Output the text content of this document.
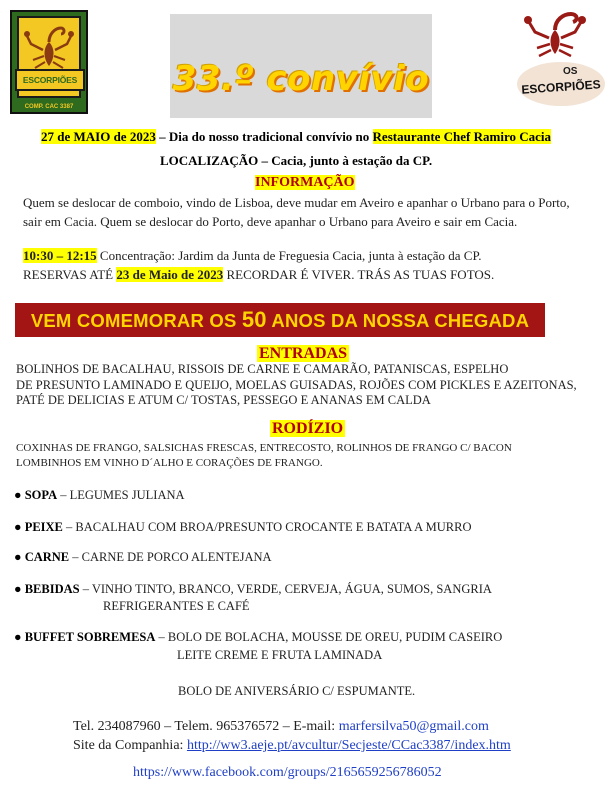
ESCORPIÕES
COMP. CAC 3387
33.º convívio	OS
ESCORPIÕES
27 de MAIO de 2023 – Dia do nosso tradicional convívio no Restaurante Chef Ramiro Cacia
LOCALIZAÇÃO – Cacia, junto à estação da CP.
INFORMAÇÃO
Quem se deslocar de comboio, vindo de Lisboa, deve mudar em Aveiro e apanhar o Urbano para o Porto,
sair em Cacia. Quem se deslocar do Porto, deve apanhar o Urbano para Aveiro e sair em Cacia.
10:30 – 12:15 Concentração: Jardim da Junta de Freguesia Cacia, junta à estação da CP.
RESERVAS ATÉ 23 de Maio de 2023 RECORDAR É VIVER. TRÁS AS TUAS FOTOS.
VEM COMEMORAR OS 50 ANOS DA NOSSA CHEGADA
ENTRADAS
BOLINHOS DE BACALHAU, RISSOIS DE CARNE E CAMARÃO, PATANISCAS, ESPELHO
DE PRESUNTO LAMINADO E QUEIJO, MOELAS GUISADAS, ROJÕES COM PICKLES E AZEITONAS,
PATÉ DE DELICIAS E ATUM C/ TOSTAS, PESSEGO E ANANAS EM CALDA
RODÍZIO
COXINHAS DE FRANGO, SALSICHAS FRESCAS, ENTRECOSTO, ROLINHOS DE FRANGO C/ BACON
LOMBINHOS EM VINHO D´ALHO E CORAÇÕES DE FRANGO.
● SOPA – LEGUMES JULIANA
● PEIXE – BACALHAU COM BROA/PRESUNTO CROCANTE E BATATA A MURRO
● CARNE – CARNE DE PORCO ALENTEJANA
● BEBIDAS – VINHO TINTO, BRANCO, VERDE, CERVEJA, ÁGUA, SUMOS, SANGRIA
REFRIGERANTES E CAFÉ
● BUFFET SOBREMESA – BOLO DE BOLACHA, MOUSSE DE OREU, PUDIM CASEIRO
LEITE CREME E FRUTA LAMINADA
BOLO DE ANIVERSÁRIO C/ ESPUMANTE.
Tel. 234087960 – Telem. 965376572 – E-mail: marfersilva50@gmail.com
Site da Companhia: http://ww3.aeje.pt/avcultur/Secjeste/CCac3387/index.htm
https://www.facebook.com/groups/2165659256786052
